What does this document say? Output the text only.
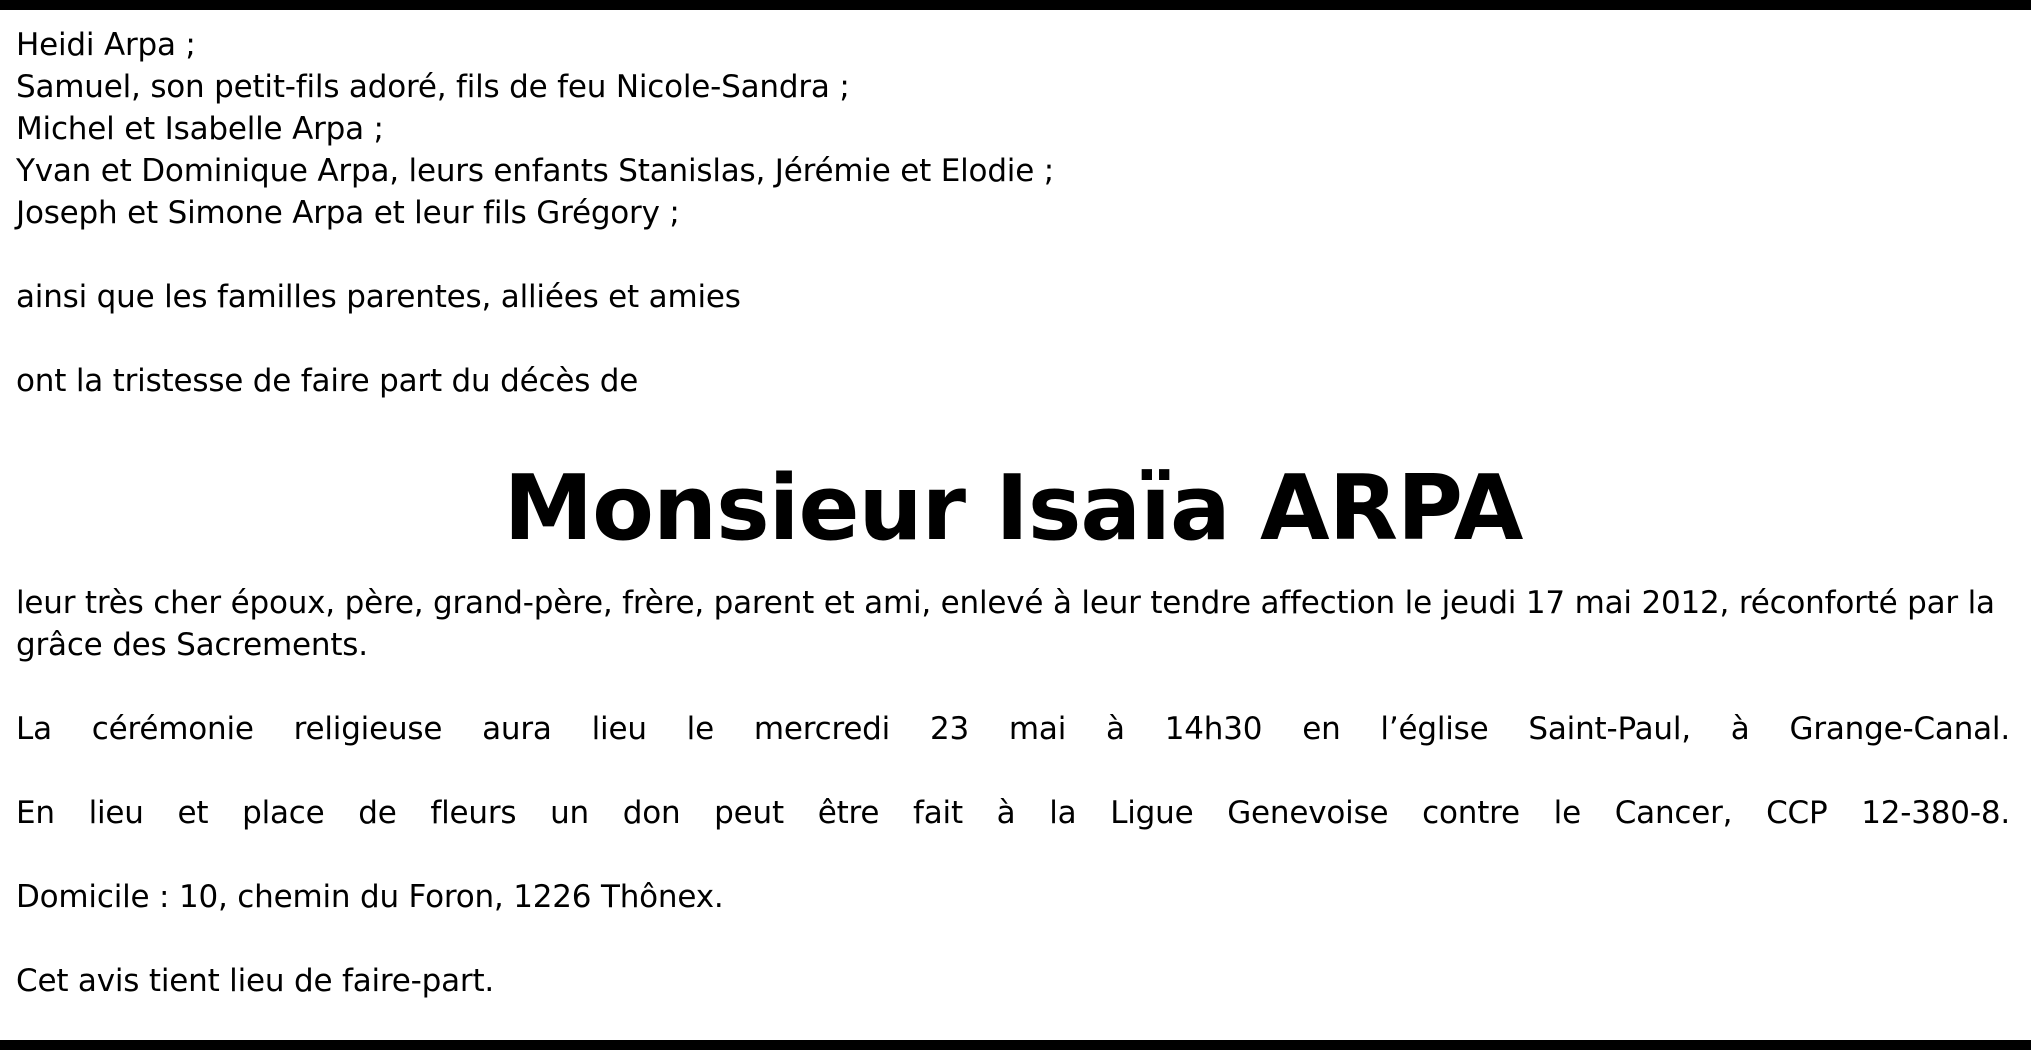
Heidi Arpa ;
Samuel, son petit-fils adoré, fils de feu Nicole-Sandra ;
Michel et Isabelle Arpa ;
Yvan et Dominique Arpa, leurs enfants Stanislas, Jérémie et Elodie ;
Joseph et Simone Arpa et leur fils Grégory ;
ainsi que les familles parentes, alliées et amies
ont la tristesse de faire part du décès de
Monsieur Isaïa ARPA
leur très cher époux, père, grand-père, frère, parent et ami, enlevé à leur tendre affection le jeudi 17 mai 2012, réconforté par la grâce des Sacrements.
La cérémonie religieuse aura lieu le mercredi 23 mai à 14h30 en l’église Saint-Paul, à Grange-Canal.
En lieu et place de fleurs un don peut être fait à la Ligue Genevoise contre le Cancer, CCP 12-380-8.
Domicile : 10, chemin du Foron, 1226 Thônex.
Cet avis tient lieu de faire-part.
